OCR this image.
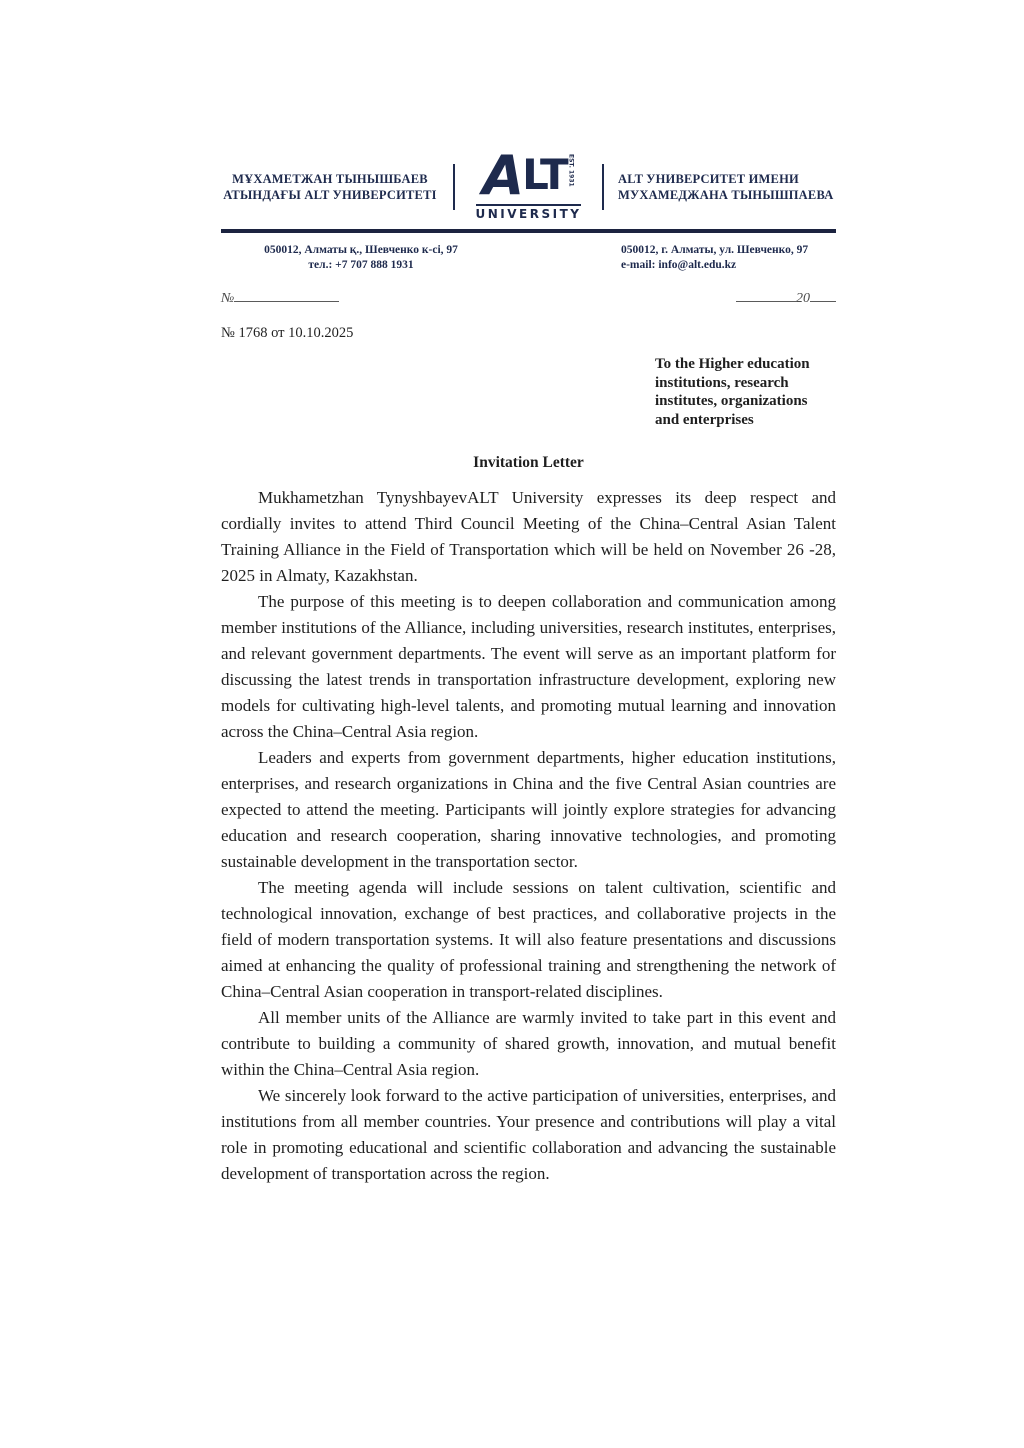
МҰХАМЕТЖАН ТЫНЫШБАЕВ
АТЫНДАҒЫ ALT УНИВЕРСИТЕТІ A LT EST. 1931
UNIVERSITY
ALT УНИВЕРСИТЕТ ИМЕНИ
МУХАМЕДЖАНА ТЫНЫШПАЕВА
050012, Алматы қ., Шевченко к-сі, 97
тел.: +7 707 888 1931
050012, г. Алматы, ул. Шевченко, 97
e-mail: info@alt.edu.kz
№	20
№ 1768 от 10.10.2025
To the Higher education
institutions, research
institutes, organizations
and enterprises
Invitation Letter

Mukhametzhan TynyshbayevALT University expresses its deep respect and cordially invites to attend Third Council Meeting of the China–Central Asian Talent Training Alliance in the Field of Transportation which will be held on November 26 -28, 2025 in Almaty, Kazakhstan.

The purpose of this meeting is to deepen collaboration and communication among member institutions of the Alliance, including universities, research institutes, enterprises, and relevant government departments. The event will serve as an important platform for discussing the latest trends in transportation infrastructure development, exploring new models for cultivating high-level talents, and promoting mutual learning and innovation across the China–Central Asia region.

Leaders and experts from government departments, higher education institutions, enterprises, and research organizations in China and the five Central Asian countries are expected to attend the meeting. Participants will jointly explore strategies for advancing education and research cooperation, sharing innovative technologies, and promoting sustainable development in the transportation sector.

The meeting agenda will include sessions on talent cultivation, scientific and technological innovation, exchange of best practices, and collaborative projects in the field of modern transportation systems. It will also feature presentations and discussions aimed at enhancing the quality of professional training and strengthening the network of China–Central Asian cooperation in transport-related disciplines.

All member units of the Alliance are warmly invited to take part in this event and contribute to building a community of shared growth, innovation, and mutual benefit within the China–Central Asia region.

We sincerely look forward to the active participation of universities, enterprises, and institutions from all member countries. Your presence and contributions will play a vital role in promoting educational and scientific collaboration and advancing the sustainable development of transportation across the region.
